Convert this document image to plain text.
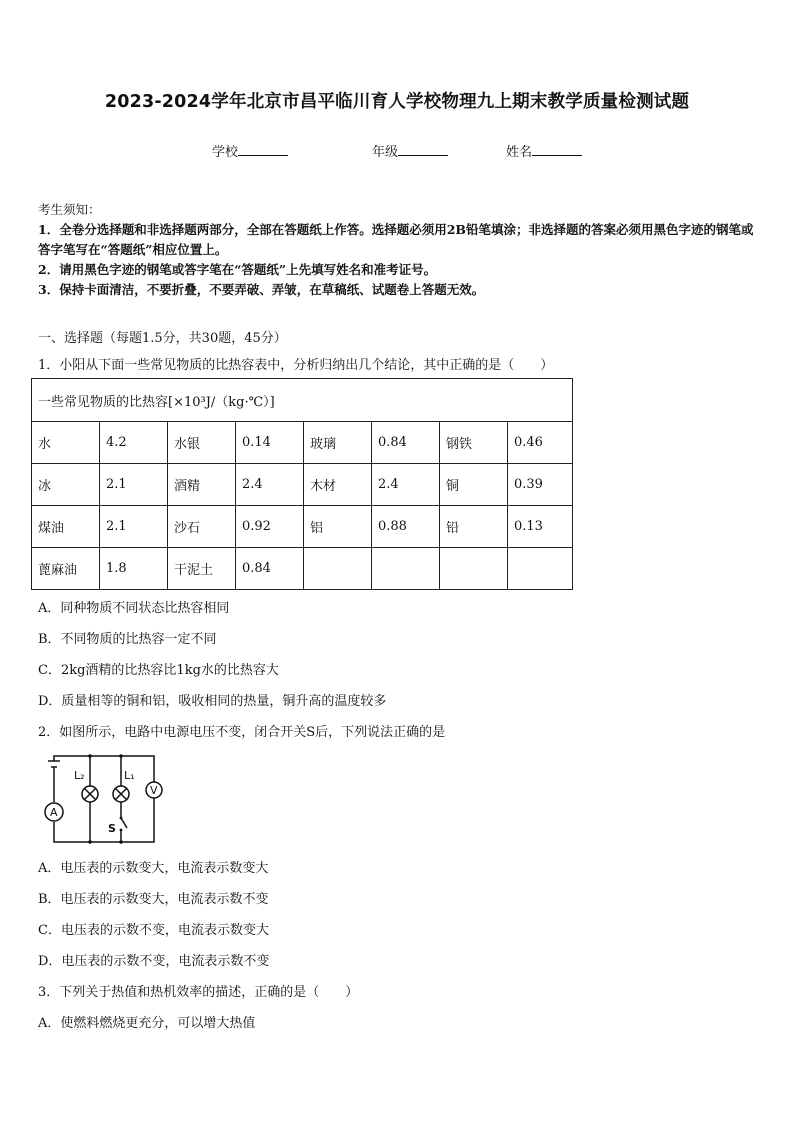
2023-2024学年北京市昌平临川育人学校物理九上期末教学质量检测试题
学校	年级	姓名
考生须知：
1．全卷分选择题和非选择题两部分，全部在答题纸上作答。选择题必须用2B铅笔填涂；非选择题的答案必须用黑色字迹的钢笔或答字笔写在“答题纸”相应位置上。
2．请用黑色字迹的钢笔或答字笔在“答题纸”上先填写姓名和准考证号。
3．保持卡面清洁，不要折叠，不要弄破、弄皱，在草稿纸、试题卷上答题无效。
一、选择题（每题1.5分，共30题，45分）
1．小阳从下面一些常见物质的比热容表中，分析归纳出几个结论，其中正确的是（　　）
一些常见物质的比热容[×10³J/（kg·℃）]							
水	4.2	水银	0.14	玻璃	0.84	钢铁	0.46
冰	2.1	酒精	2.4	木材	2.4	铜	0.39
煤油	2.1	沙石	0.92	铝	0.88	铅	0.13
蓖麻油	1.8	干泥土	0.84				
A．同种物质不同状态比热容相同
B．不同物质的比热容一定不同
C．2kg酒精的比热容比1kg水的比热容大
D．质量相等的铜和铝，吸收相同的热量，铜升高的温度较多
2．如图所示，电路中电源电压不变，闭合开关S后，下列说法正确的是
A
V
L₂	L₁
S
A．电压表的示数变大，电流表示数变大
B．电压表的示数变大，电流表示数不变
C．电压表的示数不变，电流表示数变大
D．电压表的示数不变，电流表示数不变
3．下列关于热值和热机效率的描述，正确的是（　　）
A．使燃料燃烧更充分，可以增大热值
